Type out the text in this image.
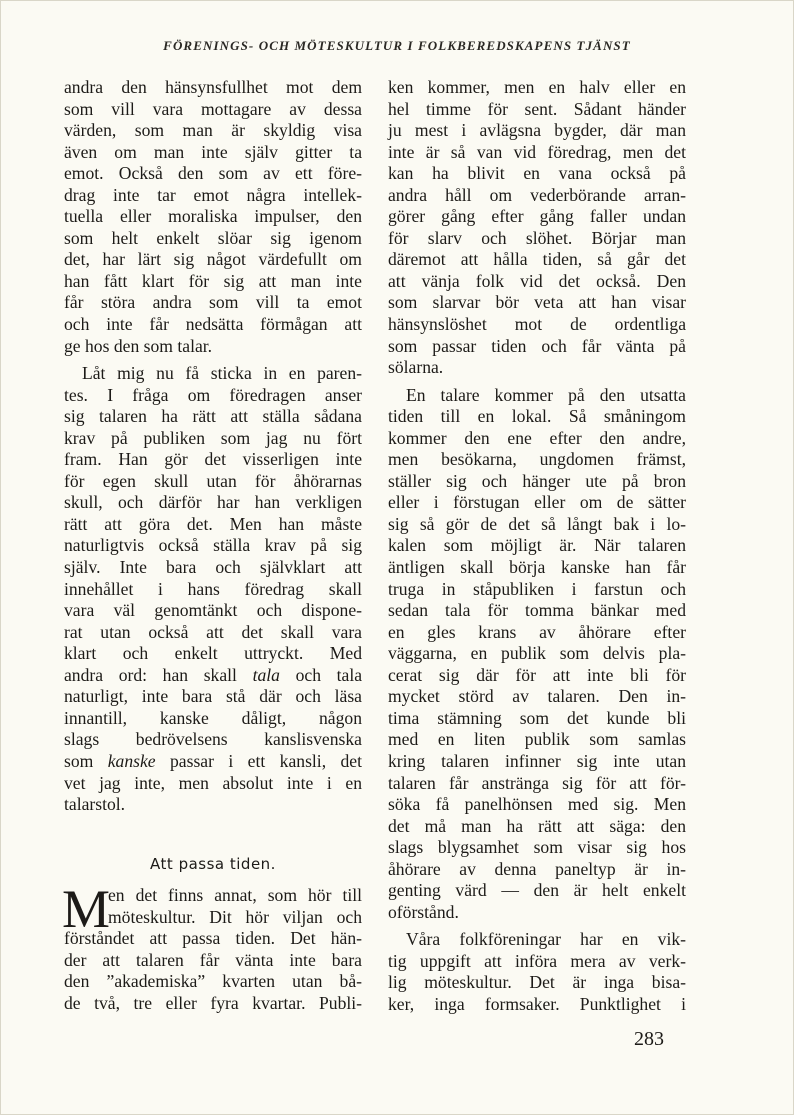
FÖRENINGS- OCH MÖTESKULTUR I FOLKBEREDSKAPENS TJÄNST
andra den hänsynsfullhet mot dem
som vill vara mottagare av dessa
värden, som man är skyldig visa
även om man inte själv gitter ta
emot. Också den som av ett före-
drag inte tar emot några intellek-
tuella eller moraliska impulser, den
som helt enkelt slöar sig igenom
det, har lärt sig något värdefullt om
han fått klart för sig att man inte
får störa andra som vill ta emot
och inte får nedsätta förmågan att
ge hos den som talar.
Låt mig nu få sticka in en paren-
tes. I fråga om föredragen anser
sig talaren ha rätt att ställa sådana
krav på publiken som jag nu fört
fram. Han gör det visserligen inte
för egen skull utan för åhörarnas
skull, och därför har han verkligen
rätt att göra det. Men han måste
naturligtvis också ställa krav på sig
själv. Inte bara och självklart att
innehållet i hans föredrag skall
vara väl genomtänkt och dispone-
rat utan också att det skall vara
klart och enkelt uttryckt. Med
andra ord: han skall tala och tala
naturligt, inte bara stå där och läsa
innantill, kanske dåligt, någon
slags bedrövelsens kanslisvenska
som kanske passar i ett kansli, det
vet jag inte, men absolut inte i en
talarstol.
Att passa tiden.
M
en det finns annat, som hör till
möteskultur. Dit hör viljan och
förståndet att passa tiden. Det hän-
der att talaren får vänta inte bara
den ”akademiska” kvarten utan bå-
de två, tre eller fyra kvartar. Publi-
ken kommer, men en halv eller en
hel timme för sent. Sådant händer
ju mest i avlägsna bygder, där man
inte är så van vid föredrag, men det
kan ha blivit en vana också på
andra håll om vederbörande arran-
görer gång efter gång faller undan
för slarv och slöhet. Börjar man
däremot att hålla tiden, så går det
att vänja folk vid det också. Den
som slarvar bör veta att han visar
hänsynslöshet mot de ordentliga
som passar tiden och får vänta på
sölarna.
En talare kommer på den utsatta
tiden till en lokal. Så småningom
kommer den ene efter den andre,
men besökarna, ungdomen främst,
ställer sig och hänger ute på bron
eller i förstugan eller om de sätter
sig så gör de det så långt bak i lo-
kalen som möjligt är. När talaren
äntligen skall börja kanske han får
truga in ståpubliken i farstun och
sedan tala för tomma bänkar med
en gles krans av åhörare efter
väggarna, en publik som delvis pla-
cerat sig där för att inte bli för
mycket störd av talaren. Den in-
tima stämning som det kunde bli
med en liten publik som samlas
kring talaren infinner sig inte utan
talaren får anstränga sig för att för-
söka få panelhönsen med sig. Men
det må man ha rätt att säga: den
slags blygsamhet som visar sig hos
åhörare av denna paneltyp är in-
genting värd — den är helt enkelt
oförstånd.
Våra folkföreningar har en vik-
tig uppgift att införa mera av verk-
lig möteskultur. Det är inga bisa-
ker, inga formsaker. Punktlighet i
283
